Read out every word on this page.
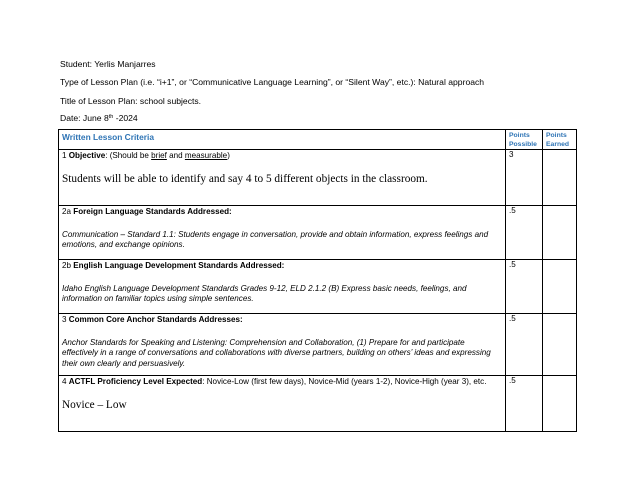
Student: Yerlis Manjarres
Type of Lesson Plan (i.e. “i+1”, or “Communicative Language Learning”, or “Silent Way”, etc.): Natural approach
Title of Lesson Plan: school subjects.
Date: June 8th -2024
Written Lesson Criteria	Points Possible	Points Earned

1 Objective: (Should be brief and measurable)
Students will be able to identify and say 4 to 5 different objects in the classroom.	3	

2a Foreign Language Standards Addressed:
Communication – Standard 1.1: Students engage in conversation, provide and obtain information, express feelings and emotions, and exchange opinions.	.5	

2b English Language Development Standards Addressed:
Idaho English Language Development Standards Grades 9-12, ELD 2.1.2 (B) Express basic needs, feelings, and information on familiar topics using simple sentences.	.5	

3 Common Core Anchor Standards Addresses:
Anchor Standards for Speaking and Listening: Comprehension and Collaboration, (1) Prepare for and participate effectively in a range of conversations and collaborations with diverse partners, building on others’ ideas and expressing their own clearly and persuasively.	.5	

4 ACTFL Proficiency Level Expected: Novice-Low (first few days), Novice-Mid (years 1-2), Novice-High (year 3), etc.
Novice – Low	.5	
